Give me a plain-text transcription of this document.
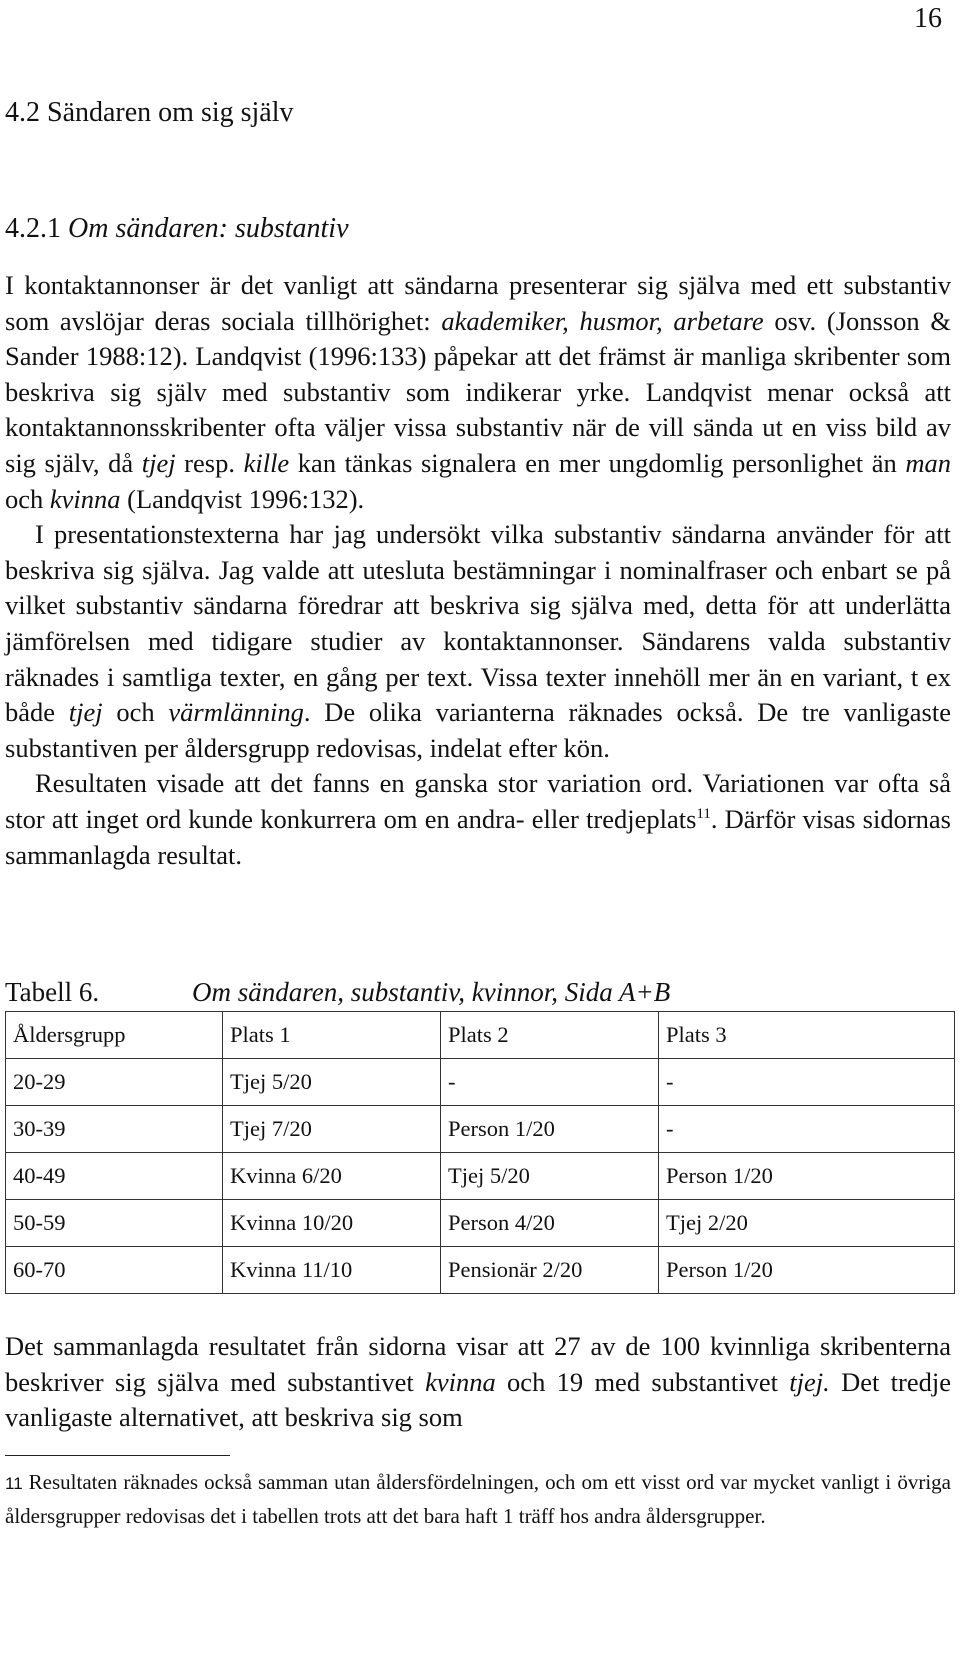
16
4.2 Sändaren om sig själv
4.2.1 Om sändaren: substantiv
I kontaktannonser är det vanligt att sändarna presenterar sig själva med ett substantiv som avslöjar deras sociala tillhörighet: akademiker, husmor, arbetare osv. (Jonsson & Sander 1988:12). Landqvist (1996:133) påpekar att det främst är manliga skribenter som beskriva sig själv med substantiv som indikerar yrke. Landqvist menar också att kontaktannonsskribenter ofta väljer vissa substantiv när de vill sända ut en viss bild av sig själv, då tjej resp. kille kan tänkas signalera en mer ungdomlig personlighet än man och kvinna (Landqvist 1996:132).
I presentationstexterna har jag undersökt vilka substantiv sändarna använder för att beskriva sig själva. Jag valde att utesluta bestämningar i nominalfraser och enbart se på vilket substantiv sändarna föredrar att beskriva sig själva med, detta för att underlätta jämförelsen med tidigare studier av kontaktannonser. Sändarens valda substantiv räknades i samtliga texter, en gång per text. Vissa texter innehöll mer än en variant, t ex både tjej och värmlänning. De olika varianterna räknades också. De tre vanligaste substantiven per åldersgrupp redovisas, indelat efter kön.
Resultaten visade att det fanns en ganska stor variation ord. Variationen var ofta så stor att inget ord kunde konkurrera om en andra- eller tredjeplats$^{11}$. Därför visas sidornas sammanlagda resultat.
Tabell 6.	Om sändaren, substantiv, kvinnor, Sida A+B
Åldersgrupp	Plats 1	Plats 2	Plats 3
20-29	Tjej 5/20	-	-
30-39	Tjej 7/20	Person 1/20	-
40-49	Kvinna 6/20	Tjej 5/20	Person 1/20
50-59	Kvinna 10/20	Person 4/20	Tjej 2/20
60-70	Kvinna 11/10	Pensionär 2/20	Person 1/20
Det sammanlagda resultatet från sidorna visar att 27 av de 100 kvinnliga skribenterna beskriver sig själva med substantivet kvinna och 19 med substantivet tjej. Det tredje vanligaste alternativet, att beskriva sig som
11 Resultaten räknades också samman utan åldersfördelningen, och om ett visst ord var mycket vanligt i övriga åldersgrupper redovisas det i tabellen trots att det bara haft 1 träff hos andra åldersgrupper.
